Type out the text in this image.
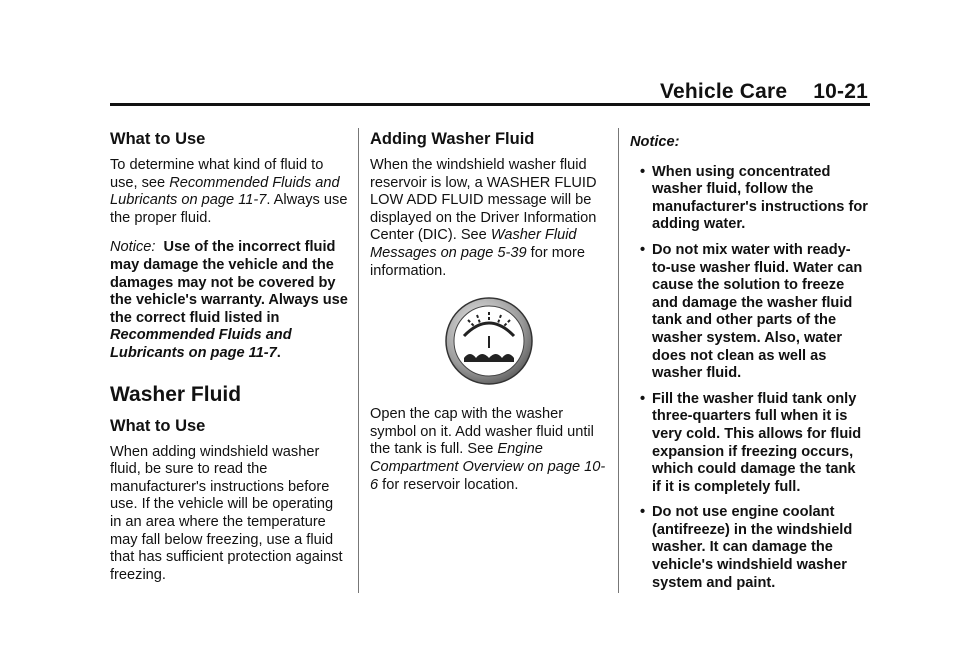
Vehicle Care 10-21
What to Use

To determine what kind of fluid to use, see Recommended Fluids and Lubricants on page 11-7. Always use the proper fluid.

Notice: Use of the incorrect fluid may damage the vehicle and the damages may not be covered by the vehicle's warranty. Always use the correct fluid listed in Recommended Fluids and Lubricants on page 11-7.

Washer Fluid
What to Use

When adding windshield washer fluid, be sure to read the manufacturer's instructions before use. If the vehicle will be operating in an area where the temperature may fall below freezing, use a fluid that has sufficient protection against freezing.

Adding Washer Fluid

When the windshield washer fluid reservoir is low, a WASHER FLUID LOW ADD FLUID message will be displayed on the Driver Information Center (DIC). See Washer Fluid Messages on page 5-39 for more information.

Open the cap with the washer symbol on it. Add washer fluid until the tank is full. See Engine Compartment Overview on page 10-6 for reservoir location.

Notice:

• When using concentrated washer fluid, follow the manufacturer's instructions for adding water.
• Do not mix water with ready-to-use washer fluid. Water can cause the solution to freeze and damage the washer fluid tank and other parts of the washer system. Also, water does not clean as well as washer fluid.
• Fill the washer fluid tank only three-quarters full when it is very cold. This allows for fluid expansion if freezing occurs, which could damage the tank if it is completely full.
• Do not use engine coolant (antifreeze) in the windshield washer. It can damage the vehicle's windshield washer system and paint.
